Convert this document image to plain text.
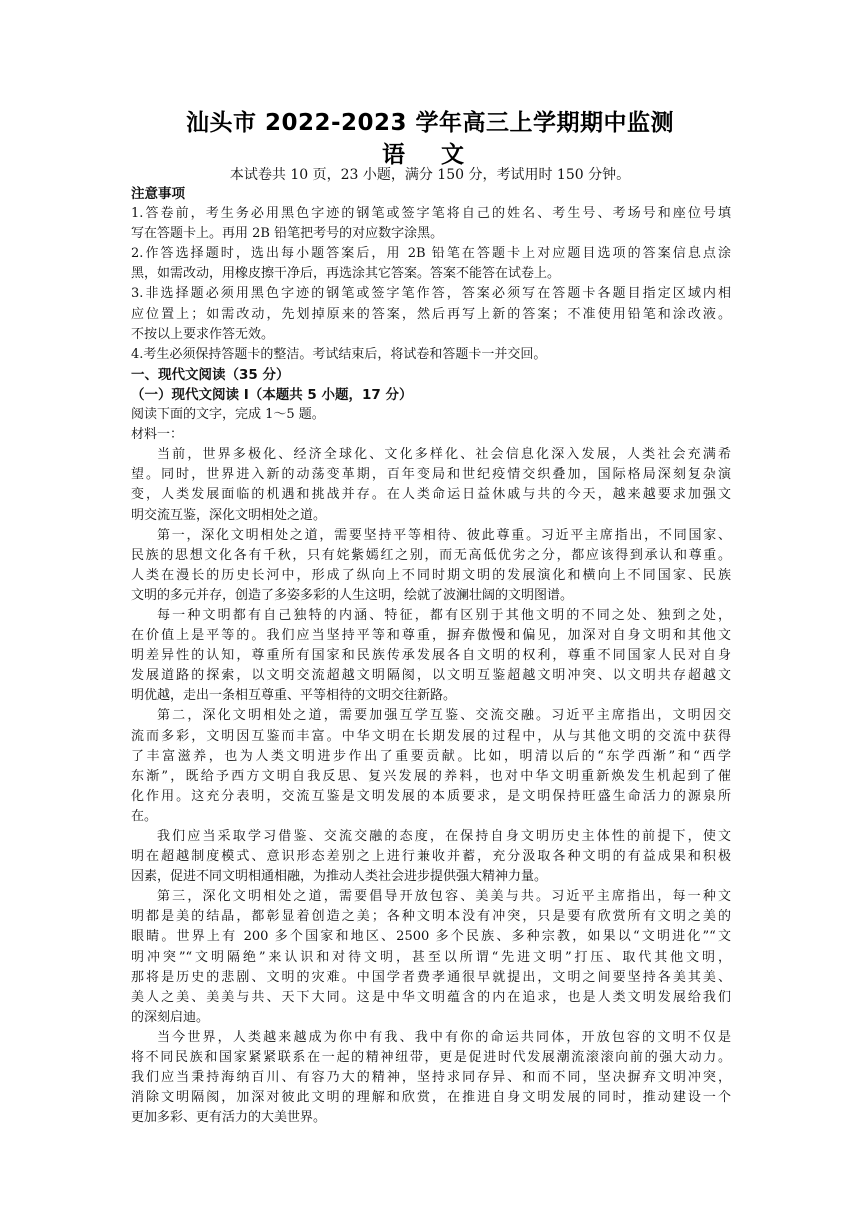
汕头市 2022-2023 学年高三上学期期中监测
语 文
本试卷共 10 页，23 小题，满分 150 分，考试用时 150 分钟。
注意事项
1.答卷前，考生务必用黑色字迹的钢笔或签字笔将自己的姓名、考生号、考场号和座位号填
写在答题卡上。再用 2B 铅笔把考号的对应数字涂黑。
2.作答选择题时，选出每小题答案后，用 2B 铅笔在答题卡上对应题目选项的答案信息点涂
黑，如需改动，用橡皮擦干净后，再选涂其它答案。答案不能答在试卷上。
3.非选择题必须用黑色字迹的钢笔或签字笔作答，答案必须写在答题卡各题目指定区域内相
应位置上；如需改动，先划掉原来的答案，然后再写上新的答案；不准使用铅笔和涂改液。
不按以上要求作答无效。
4.考生必须保持答题卡的整洁。考试结束后，将试卷和答题卡一并交回。
一、现代文阅读（35 分）
（一）现代文阅读 I（本题共 5 小题，17 分）
阅读下面的文字，完成 1～5 题。
材料一：
当前，世界多极化、经济全球化、文化多样化、社会信息化深入发展，人类社会充满希
望。同时，世界进入新的动荡变革期，百年变局和世纪疫情交织叠加，国际格局深刻复杂演
变，人类发展面临的机遇和挑战并存。在人类命运日益休戚与共的今天，越来越要求加强文
明交流互鉴，深化文明相处之道。
第一，深化文明相处之道，需要坚持平等相待、彼此尊重。习近平主席指出，不同国家、
民族的思想文化各有千秋，只有姹紫嫣红之别，而无高低优劣之分，都应该得到承认和尊重。
人类在漫长的历史长河中，形成了纵向上不同时期文明的发展演化和横向上不同国家、民族
文明的多元并存，创造了多姿多彩的人生这明，绘就了波澜壮阔的文明图谱。
每一种文明都有自己独特的内涵、特征，都有区别于其他文明的不同之处、独到之处，
在价值上是平等的。我们应当坚持平等和尊重，摒弃傲慢和偏见，加深对自身文明和其他文
明差异性的认知，尊重所有国家和民族传承发展各自文明的权利，尊重不同国家人民对自身
发展道路的探索，以文明交流超越文明隔阂，以文明互鉴超越文明冲突、以文明共存超越文
明优越，走出一条相互尊重、平等相待的文明交往新路。
第二，深化文明相处之道，需要加强互学互鉴、交流交融。习近平主席指出，文明因交
流而多彩，文明因互鉴而丰富。中华文明在长期发展的过程中，从与其他文明的交流中获得
了丰富滋养，也为人类文明进步作出了重要贡献。比如，明清以后的“东学西渐”和“西学
东渐”，既给予西方文明自我反思、复兴发展的养料，也对中华文明重新焕发生机起到了催
化作用。这充分表明，交流互鉴是文明发展的本质要求，是文明保持旺盛生命活力的源泉所
在。
我们应当采取学习借鉴、交流交融的态度，在保持自身文明历史主体性的前提下，使文
明在超越制度模式、意识形态差别之上进行兼收并蓄，充分汲取各种文明的有益成果和积极
因素，促进不同文明相通相融，为推动人类社会进步提供强大精神力量。
第三，深化文明相处之道，需要倡导开放包容、美美与共。习近平主席指出，每一种文
明都是美的结晶，都彰显着创造之美；各种文明本没有冲突，只是要有欣赏所有文明之美的
眼睛。世界上有 200 多个国家和地区、2500 多个民族、多种宗教，如果以“文明进化”“文
明冲突”“文明隔绝”来认识和对待文明，甚至以所谓“先进文明”打压、取代其他文明，
那将是历史的悲剧、文明的灾难。中国学者费孝通很早就提出，文明之间要坚持各美其美、
美人之美、美美与共、天下大同。这是中华文明蕴含的内在追求，也是人类文明发展给我们
的深刻启迪。
当今世界，人类越来越成为你中有我、我中有你的命运共同体，开放包容的文明不仅是
将不同民族和国家紧紧联系在一起的精神纽带，更是促进时代发展潮流滚滚向前的强大动力。
我们应当秉持海纳百川、有容乃大的精神，坚持求同存异、和而不同，坚决摒弃文明冲突，
消除文明隔阂，加深对彼此文明的理解和欣赏，在推进自身文明发展的同时，推动建设一个
更加多彩、更有活力的大美世界。
